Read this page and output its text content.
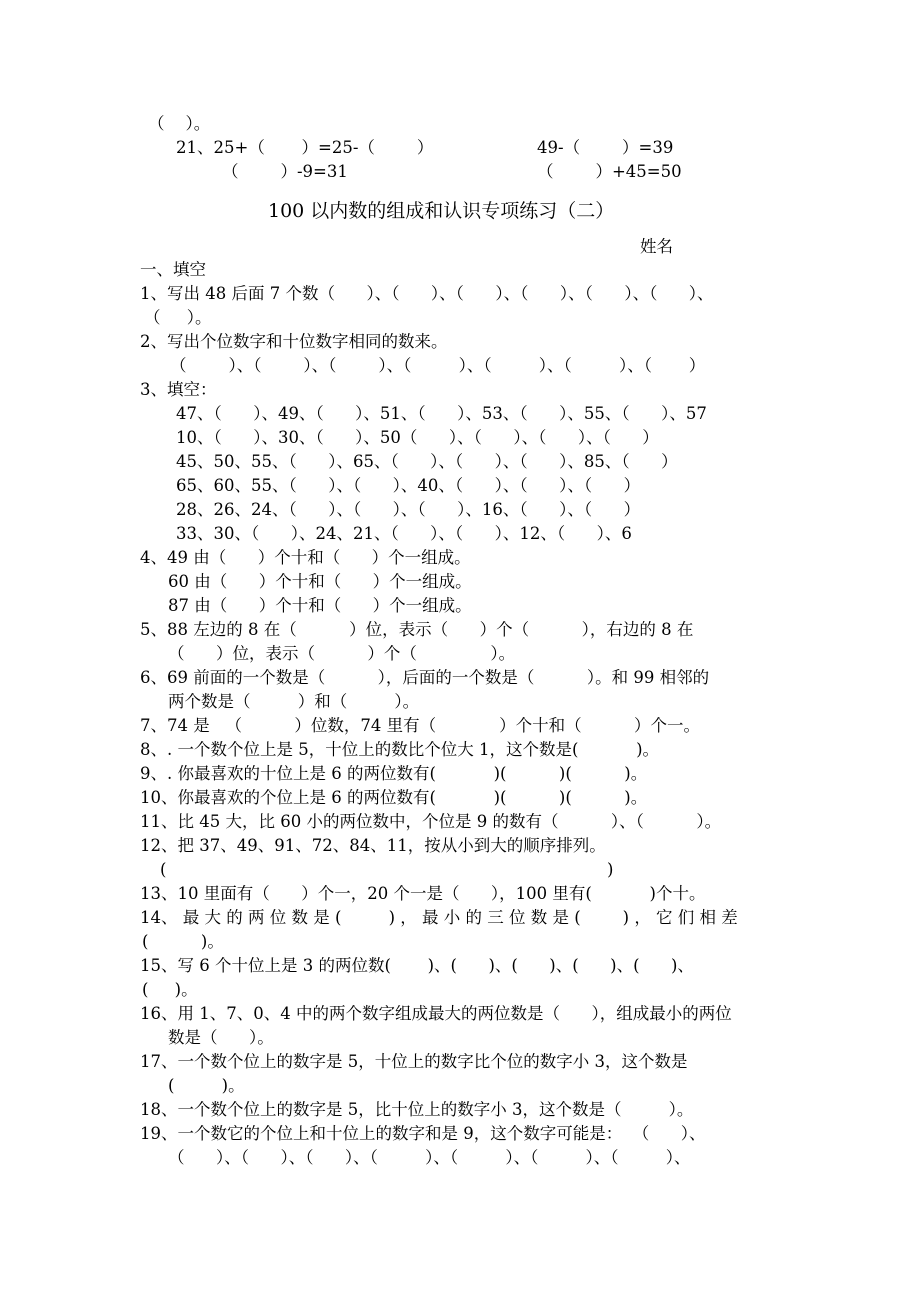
（    ）。
21、25+（       ）=25-（        ）	49-（        ）=39
（        ）-9=31	（        ）+45=50
100 以内数的组成和认识专项练习（二）
姓名
一、填空
1、写出 48 后面 7 个数（      ）、（      ）、（      ）、（      ）、（      ）、（      ）、
（     ）。
2、写出个位数字和十位数字相同的数来。
（        ）、（        ）、（        ）、（         ）、（         ）、（         ）、（       ）
3、填空：
47、（      ）、49、（      ）、51、（      ）、53、（      ）、55、（      ）、57
10、（      ）、30、（      ）、50（      ）、（      ）、（      ）、（      ）
45、50、55、（      ）、65、（      ）、（      ）、（      ）、85、（      ）
65、60、55、（      ）、（      ）、40、（      ）、（      ）、（      ）
28、26、24、（      ）、（      ）、（      ）、16、（      ）、（      ）
33、30、（      ）、24、21、（      ）、（      ）、12、（      ）、6
4、49 由（      ）个十和（      ）个一组成。
60 由（      ）个十和（      ）个一组成。
87 由（      ）个十和（      ）个一组成。
5、88 左边的 8 在（          ）位，表示（      ）个（          ），右边的 8 在
（      ）位，表示（          ）个（              ）。
6、69 前面的一个数是（          ），后面的一个数是（          ）。和 99 相邻的
两个数是（         ）和（         ）。
7、74 是   （          ）位数，74 里有（            ）个十和（          ）个一。
8、. 一个数个位上是 5，十位上的数比个位大 1，这个数是(           )。
9、. 你最喜欢的十位上是 6 的两位数有(           )(          )(          )。
10、你最喜欢的个位上是 6 的两位数有(           )(          )(          )。
11、比 45 大，比 60 小的两位数中，个位是 9 的数有（          ）、（          ）。
12、把 37、49、91、72、84、11，按从小到大的顺序排列。
(                                                                                    )
13、10 里面有（      ）个一，20 个一是（      ），100 里有(           )个十。
14、 最 大 的 两 位 数 是 (         ) ， 最 小 的 三 位 数 是 (        ) ， 它 们 相 差
(          )。
15、写 6 个十位上是 3 的两位数(       )、(      )、(      )、(      )、(      )、
(     )。
16、用 1、7、0、4 中的两个数字组成最大的两位数是（      ），组成最小的两位
数是（      ）。
17、一个数个位上的数字是 5，十位上的数字比个位的数字小 3，这个数是
(         )。
18、一个数个位上的数字是 5，比十位上的数字小 3，这个数是（         ）。
19、一个数它的个位上和十位上的数字和是 9，这个数字可能是：  （      ）、
（      ）、（      ）、（      ）、（         ）、（         ）、（         ）、（         ）、
